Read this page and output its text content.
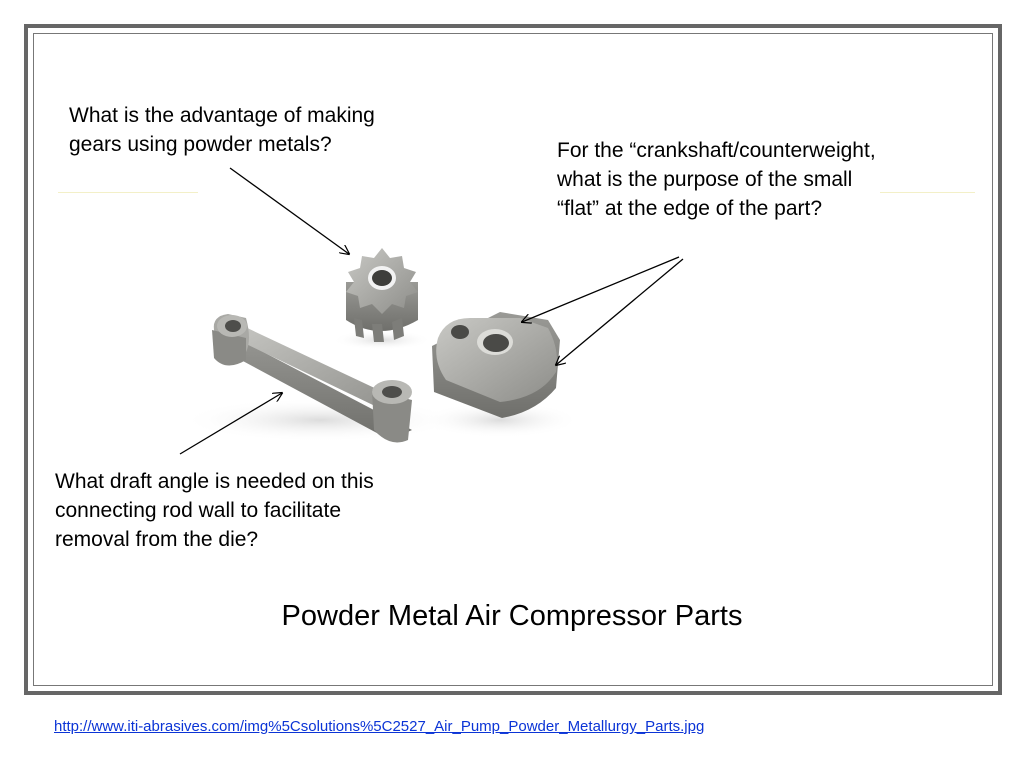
What is the advantage of making
gears using powder metals?	For the “crankshaft/counterweight,
what is the purpose of the small
“flat” at the edge of the part?
What draft angle is needed on this
connecting rod wall to facilitate
removal from the die?
Powder Metal Air Compressor Parts
http://www.iti-abrasives.com/img%5Csolutions%5C2527_Air_Pump_Powder_Metallurgy_Parts.jpg
